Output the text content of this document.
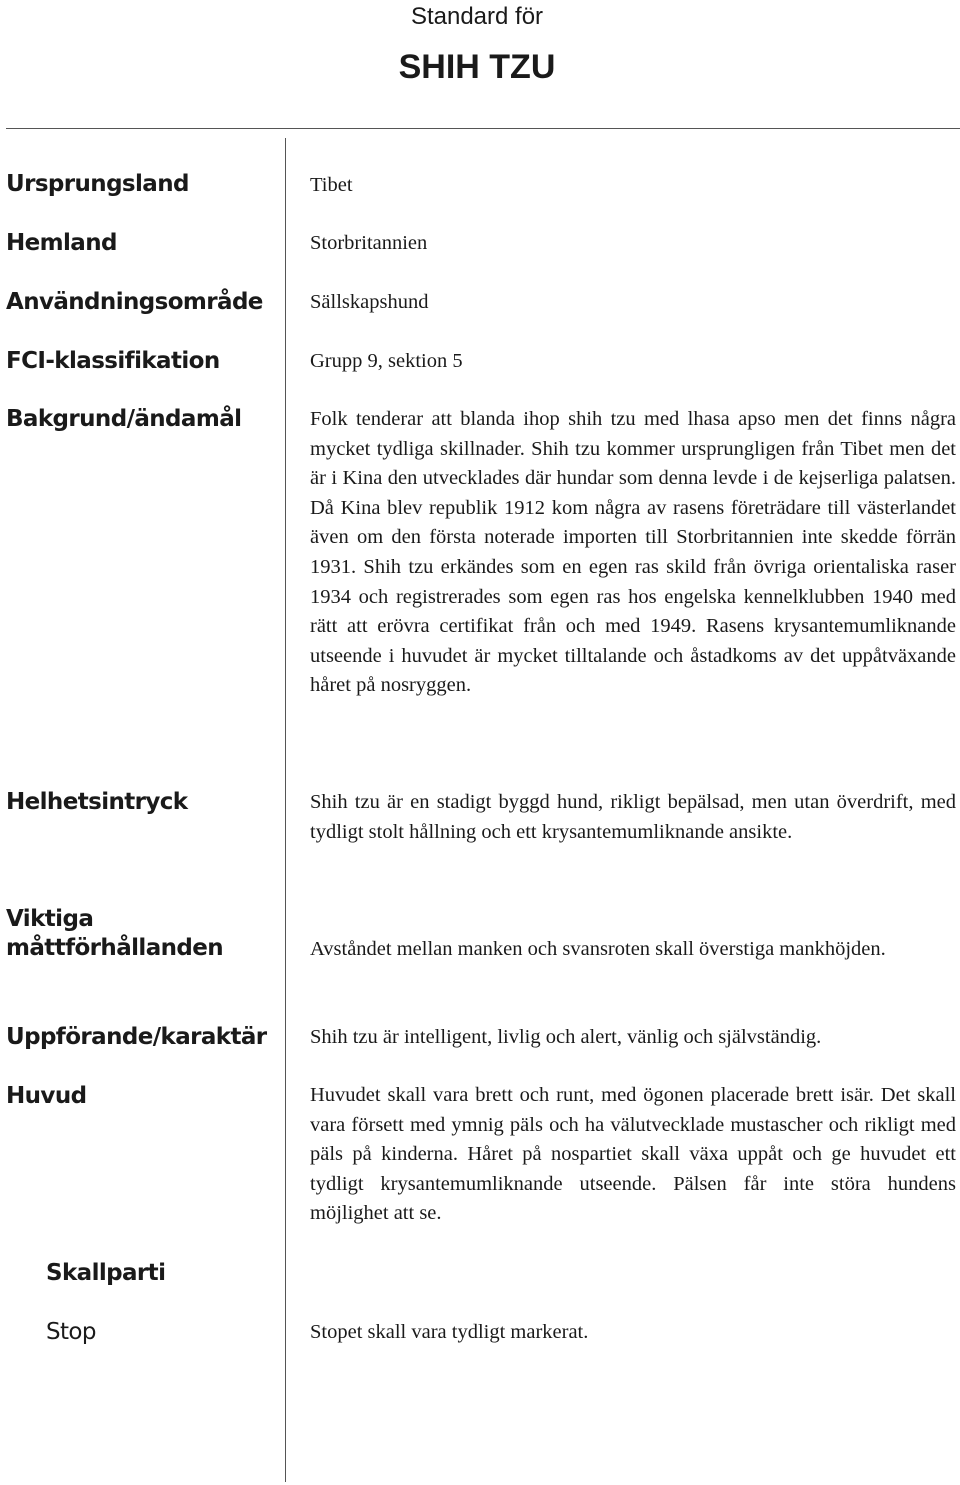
Standard för
SHIH TZU
Ursprungsland	Tibet
Hemland	Storbritannien
Användningsområde	Sällskapshund
FCI-klassifikation	Grupp 9, sektion 5
Bakgrund/ändamål	Folk tenderar att blanda ihop shih tzu med lhasa apso men det finns några mycket tydliga skillnader. Shih tzu kommer ursprungligen från Tibet men det är i Kina den utvecklades där hundar som denna levde i de kejserliga palatsen. Då Kina blev republik 1912 kom några av rasens företrädare till västerlandet även om den första noterade importen till Storbritannien inte skedde förrän 1931. Shih tzu erkändes som en egen ras skild från övriga orientaliska raser 1934 och registrerades som egen ras hos engelska kennelklubben 1940 med rätt att erövra certifikat från och med 1949. Rasens krysantemumliknande utseende i huvudet är mycket tilltalande och åstadkoms av det uppåtväxande håret på nosryggen.
Helhetsintryck	Shih tzu är en stadigt byggd hund, rikligt bepälsad, men utan överdrift, med tydligt stolt hållning och ett krysantemumliknande ansikte.
Viktiga
måttförhållanden	Avståndet mellan manken och svansroten skall överstiga mankhöjden.
Uppförande/karaktär	Shih tzu är intelligent, livlig och alert, vänlig och självständig.
Huvud	Huvudet skall vara brett och runt, med ögonen placerade brett isär. Det skall vara försett med ymnig päls och ha välutvecklade mustascher och rikligt med päls på kinderna. Håret på nospartiet skall växa uppåt och ge huvudet ett tydligt krysantemumliknande utseende. Pälsen får inte störa hundens möjlighet att se.
Skallparti
Stop	Stopet skall vara tydligt markerat.
